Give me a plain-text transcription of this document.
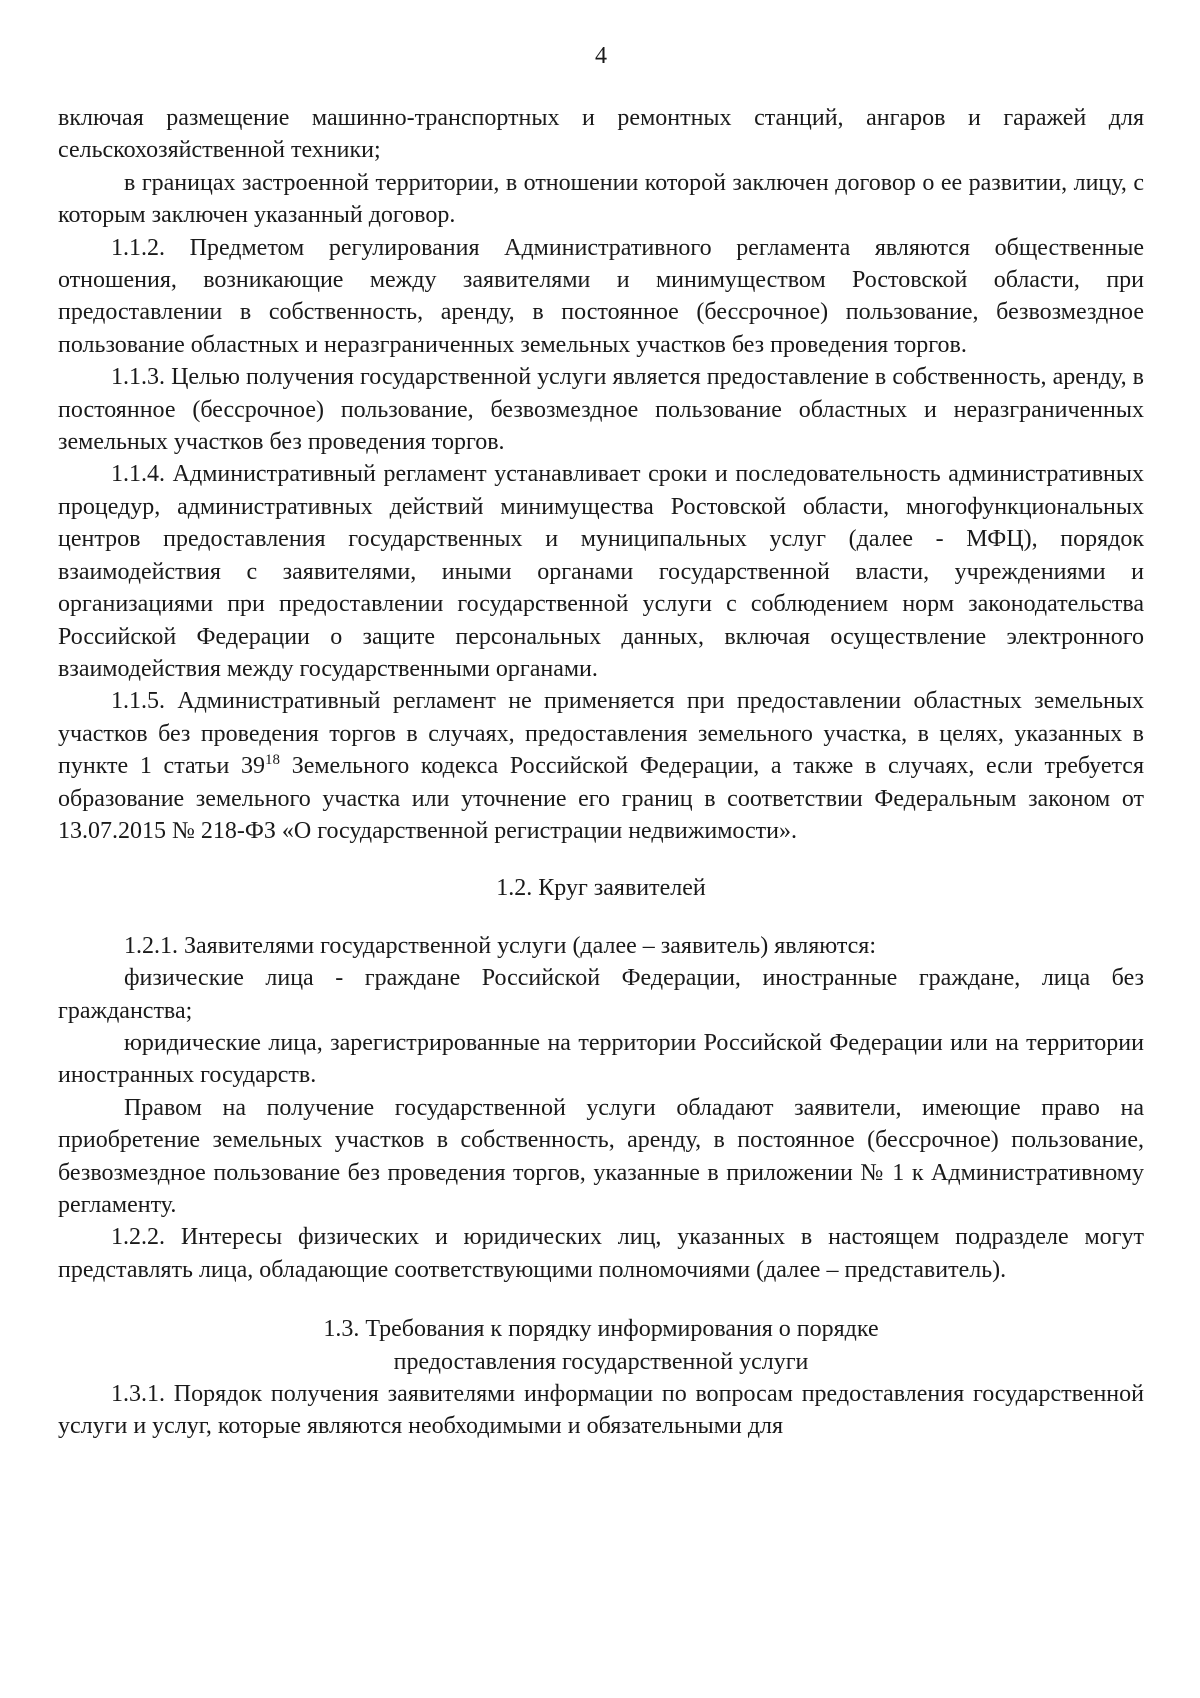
4

включая размещение машинно-транспортных и ремонтных станций, ангаров и гаражей для сельскохозяйственной техники;

в границах застроенной территории, в отношении которой заключен договор о ее развитии, лицу, с которым заключен указанный договор.

1.1.2. Предметом регулирования Административного регламента являются общественные отношения, возникающие между заявителями и минимуществом Ростовской области, при предоставлении в собственность, аренду, в постоянное (бессрочное) пользование, безвозмездное пользование областных и неразграниченных земельных участков без проведения торгов.

1.1.3. Целью получения государственной услуги является предоставление в собственность, аренду, в постоянное (бессрочное) пользование, безвозмездное пользование областных и неразграниченных земельных участков без проведения торгов.

1.1.4. Административный регламент устанавливает сроки и последовательность административных процедур, административных действий минимущества Ростовской области, многофункциональных центров предоставления государственных и муниципальных услуг (далее - МФЦ), порядок взаимодействия с заявителями, иными органами государственной власти, учреждениями и организациями при предоставлении государственной услуги с соблюдением норм законодательства Российской Федерации о защите персональных данных, включая осуществление электронного взаимодействия между государственными органами.

1.1.5. Административный регламент не применяется при предоставлении областных земельных участков без проведения торгов в случаях, предоставления земельного участка, в целях, указанных в пункте 1 статьи $39^{18}$ Земельного кодекса Российской Федерации, а также в случаях, если требуется образование земельного участка или уточнение его границ в соответствии Федеральным законом от 13.07.2015 № 218-ФЗ «О государственной регистрации недвижимости».

1.2. Круг заявителей

1.2.1. Заявителями государственной услуги (далее – заявитель) являются:

физические лица - граждане Российской Федерации, иностранные граждане, лица без гражданства;

юридические лица, зарегистрированные на территории Российской Федерации или на территории иностранных государств.

Правом на получение государственной услуги обладают заявители, имеющие право на приобретение земельных участков в собственность, аренду, в постоянное (бессрочное) пользование, безвозмездное пользование без проведения торгов, указанные в приложении № 1 к Административному регламенту.

1.2.2. Интересы физических и юридических лиц, указанных в настоящем подразделе могут представлять лица, обладающие соответствующими полномочиями (далее – представитель).

1.3. Требования к порядку информирования о порядке

предоставления государственной услуги

1.3.1. Порядок получения заявителями информации по вопросам предоставления государственной услуги и услуг, которые являются необходимыми и обязательными для
